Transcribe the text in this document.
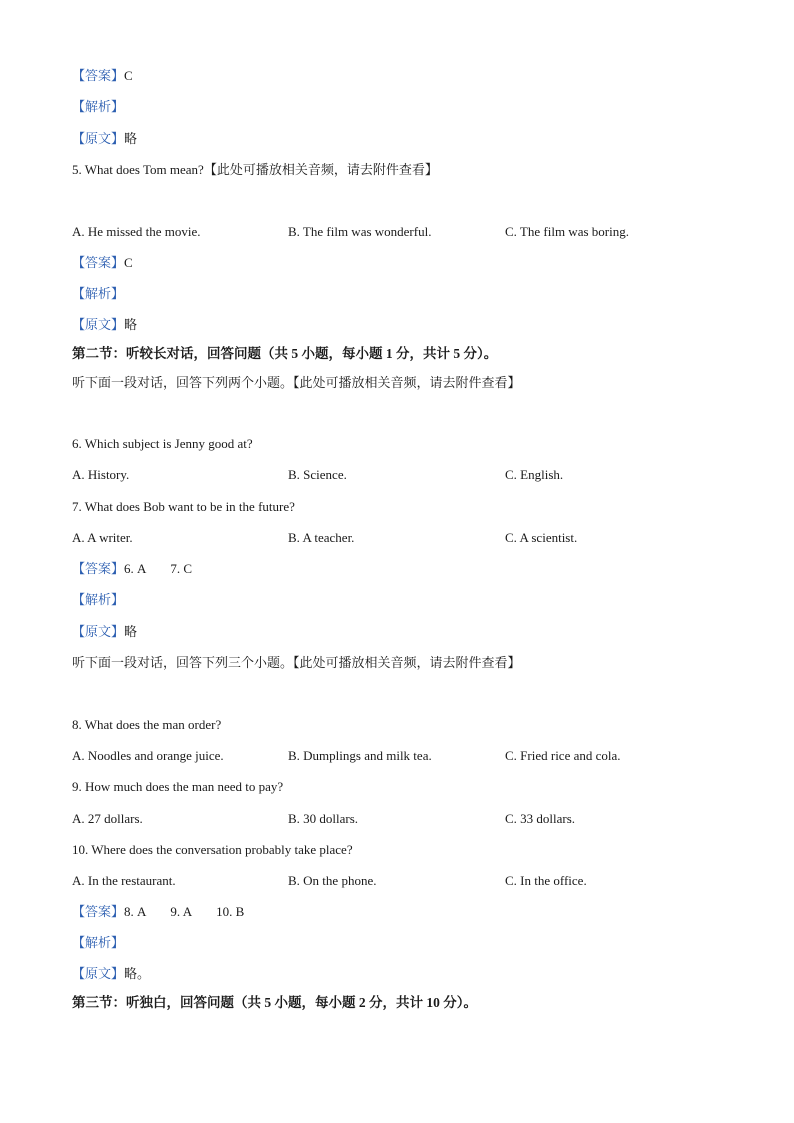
【答案】C
【解析】
【原文】略
5. What does Tom mean?【此处可播放相关音频，请去附件查看】
A. He missed the movie.	B. The film was wonderful.	C. The film was boring.
【答案】C
【解析】
【原文】略
第二节：听较长对话，回答问题（共 5 小题，每小题 1 分，共计 5 分）。
听下面一段对话，回答下列两个小题。【此处可播放相关音频，请去附件查看】
6. Which subject is Jenny good at?
A. History.	B. Science.	C. English.
7. What does Bob want to be in the future?
A. A writer.	B. A teacher.	C. A scientist.
【答案】6. A 7. C
【解析】
【原文】略
听下面一段对话，回答下列三个小题。【此处可播放相关音频，请去附件查看】
8. What does the man order?
A. Noodles and orange juice.	B. Dumplings and milk tea.	C. Fried rice and cola.
9. How much does the man need to pay?
A. 27 dollars.	B. 30 dollars.	C. 33 dollars.
10. Where does the conversation probably take place?
A. In the restaurant.	B. On the phone.	C. In the office.
【答案】8. A 9. A 10. B
【解析】
【原文】略。
第三节：听独白，回答问题（共 5 小题，每小题 2 分，共计 10 分）。
